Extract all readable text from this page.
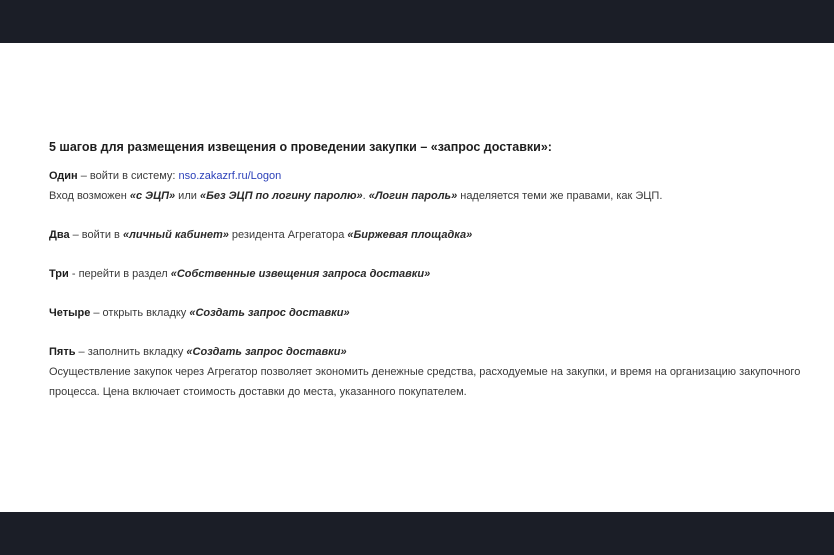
5 шагов для размещения извещения о проведении закупки – «запрос доставки»:

Один – войти в систему: nso.zakazrf.ru/Logon

Вход возможен «с ЭЦП» или «Без ЭЦП по логину паролю». «Логин пароль» наделяется теми же правами, как ЭЦП.

Два – войти в «личный кабинет» резидента Агрегатора «Биржевая площадка»

Три - перейти в раздел «Собственные извещения запроса доставки»

Четыре – открыть вкладку «Создать запрос доставки»

Пять – заполнить вкладку «Создать запрос доставки»

Осуществление закупок через Агрегатор позволяет экономить денежные средства, расходуемые на закупки, и время на организацию закупочного процесса. Цена включает стоимость доставки до места, указанного покупателем.
